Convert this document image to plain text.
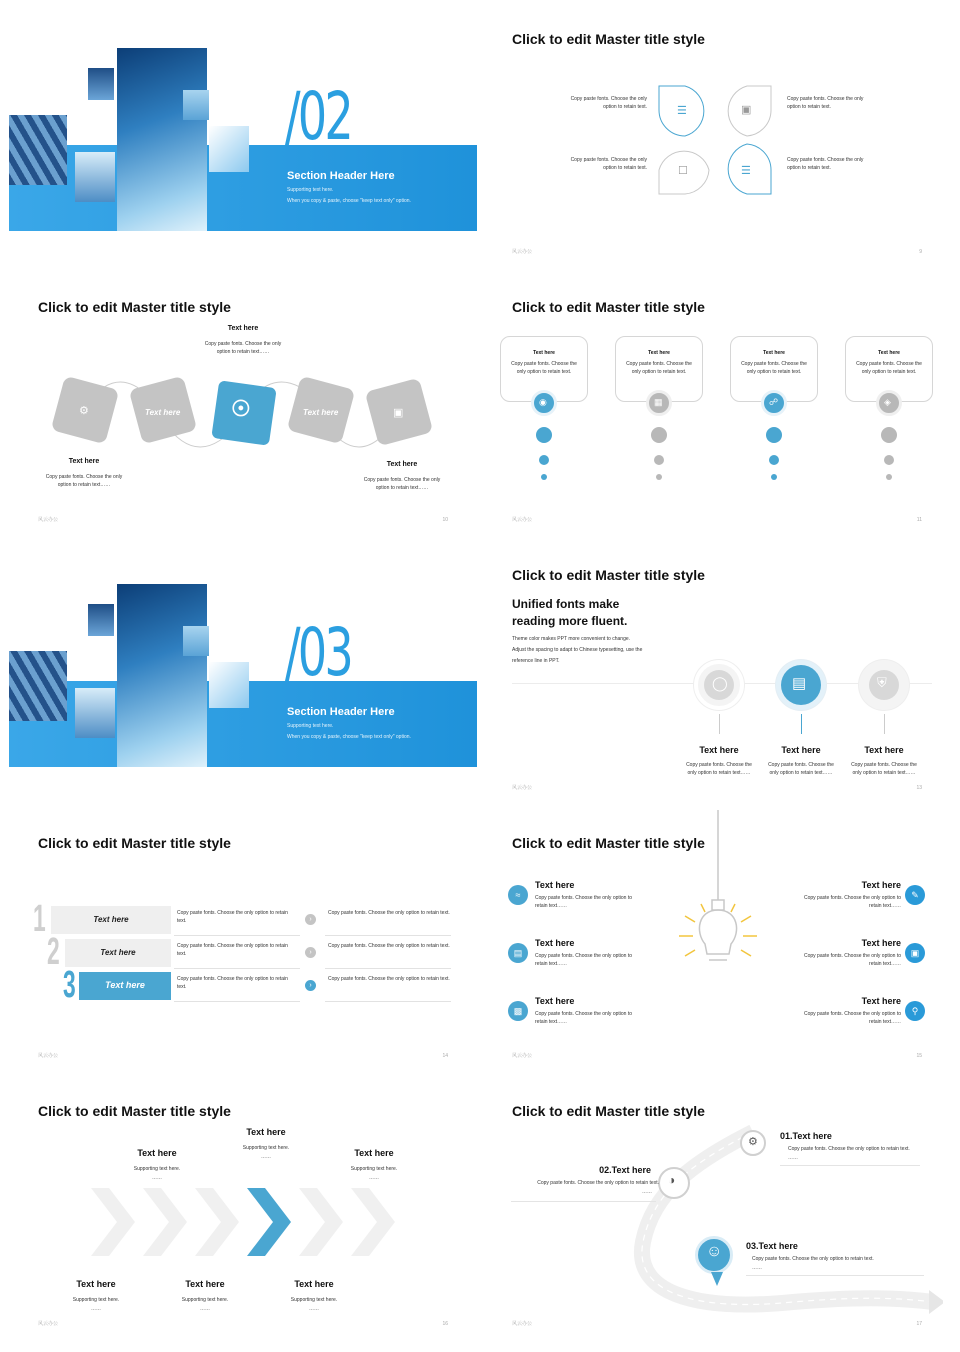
/02
Section Header Here
Supporting text here.
When you copy & paste, choose "keep text only" option.
Click to edit Master title style
Copy paste fonts. Choose the only option to retain text.
Copy paste fonts. Choose the only option to retain text.
Copy paste fonts. Choose the only option to retain text.
Copy paste fonts. Choose the only option to retain text.
☰	▣
☐	☰
风云办公	9
Click to edit Master title style
Text here
Copy paste fonts. Choose the only option to retain text……
⚙	Text here ☉	Text here	▣
Text here
Copy paste fonts. Choose the only option to retain text……
Text here
Copy paste fonts. Choose the only option to retain text……
风云办公	10
Click to edit Master title style
Text here
Copy paste fonts. Choose the only option to retain text.
◉
Text here
Copy paste fonts. Choose the only option to retain text.
▦
Text here
Copy paste fonts. Choose the only option to retain text.
☍
Text here
Copy paste fonts. Choose the only option to retain text.
◈
风云办公	11
/03
Section Header Here
Supporting text here.
When you copy & paste, choose "keep text only" option.
Click to edit Master title style
Unified fonts make
reading more fluent.
Theme color makes PPT more convenient to change.
Adjust the spacing to adapt to Chinese typesetting, use the
reference line in PPT.
◯	▤	⛨
Text here
Copy paste fonts. Choose the only option to retain text……
Text here
Copy paste fonts. Choose the only option to retain text……
Text here
Copy paste fonts. Choose the only option to retain text……
风云办公	13
Click to edit Master title style
1	Text here
Copy paste fonts. Choose the only option to retain text.	›
Copy paste fonts. Choose the only option to retain text.
2	Text here
Copy paste fonts. Choose the only option to retain text.	›
Copy paste fonts. Choose the only option to retain text.
3	Text here
Copy paste fonts. Choose the only option to retain text.	›
Copy paste fonts. Choose the only option to retain text.
风云办公	14
Click to edit Master title style
≈
Text here
Copy paste fonts. Choose the only option to retain text……
▤
Text here
Copy paste fonts. Choose the only option to retain text……
▩
Text here
Copy paste fonts. Choose the only option to retain text……
Text here
Copy paste fonts. Choose the only option to retain text……
✎
Text here
Copy paste fonts. Choose the only option to retain text……
▣
Text here
Copy paste fonts. Choose the only option to retain text……
⚲
风云办公	15
Click to edit Master title style
Text here
Supporting text here.
……
Text here
Supporting text here.
……	Text here
Supporting text here.
……
Text here
Supporting text here.
……
Text here
Supporting text here.
……
Text here
Supporting text here.
……
风云办公	16
Click to edit Master title style
⚙ 01.Text here
Copy paste fonts. Choose the only option to retain text.
……
◑
02.Text here
Copy paste fonts. Choose the only option to retain text.
……
☺	03.Text here
Copy paste fonts. Choose the only option to retain text.
……
风云办公	17
